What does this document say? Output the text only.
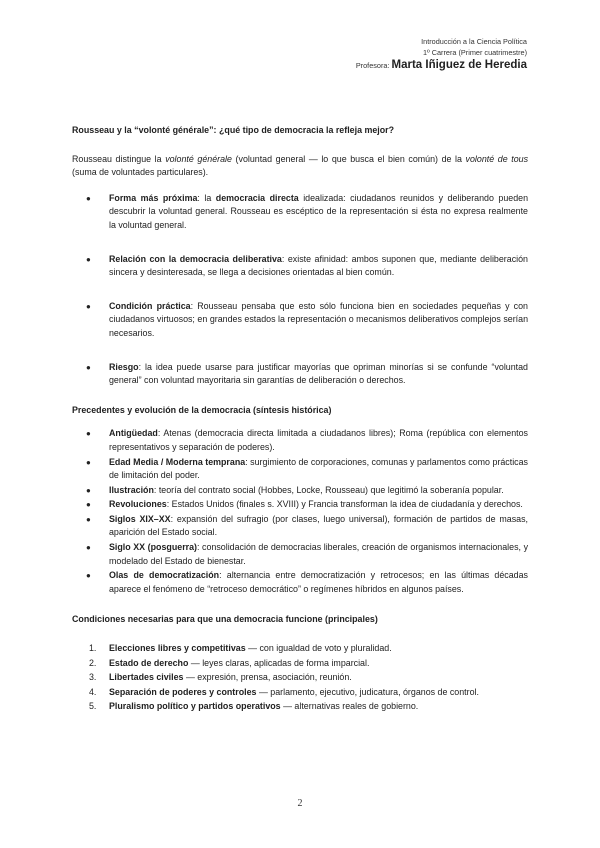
Introducción a la Ciencia Política
1º Carrera (Primer cuatrimestre)
Profesora: Marta Iñiguez de Heredia

Rousseau y la “volonté générale”: ¿qué tipo de democracia la refleja mejor?

Rousseau distingue la volonté générale (voluntad general — lo que busca el bien común) de la volonté de tous (suma de voluntades particulares).

● Forma más próxima: la democracia directa idealizada: ciudadanos reunidos y deliberando pueden descubrir la voluntad general. Rousseau es escéptico de la representación si ésta no expresa realmente la voluntad general.
● Relación con la democracia deliberativa: existe afinidad: ambos suponen que, mediante deliberación sincera y desinteresada, se llega a decisiones orientadas al bien común.
● Condición práctica: Rousseau pensaba que esto sólo funciona bien en sociedades pequeñas y con ciudadanos virtuosos; en grandes estados la representación o mecanismos deliberativos complejos serían necesarios.
● Riesgo: la idea puede usarse para justificar mayorías que opriman minorías si se confunde “voluntad general” con voluntad mayoritaria sin garantías de deliberación o derechos.

Precedentes y evolución de la democracia (síntesis histórica)

● Antigüedad: Atenas (democracia directa limitada a ciudadanos libres); Roma (república con elementos representativos y separación de poderes).
● Edad Media / Moderna temprana: surgimiento de corporaciones, comunas y parlamentos como prácticas de limitación del poder.
● Ilustración: teoría del contrato social (Hobbes, Locke, Rousseau) que legitimó la soberanía popular.
● Revoluciones: Estados Unidos (finales s. XVIII) y Francia transforman la idea de ciudadanía y derechos.
● Siglos XIX–XX: expansión del sufragio (por clases, luego universal), formación de partidos de masas, aparición del Estado social.
● Siglo XX (posguerra): consolidación de democracias liberales, creación de organismos internacionales, y modelado del Estado de bienestar.
● Olas de democratización: alternancia entre democratización y retrocesos; en las últimas décadas aparece el fenómeno de “retroceso democrático” o regímenes híbridos en algunos países.

Condiciones necesarias para que una democracia funcione (principales)

1. Elecciones libres y competitivas — con igualdad de voto y pluralidad.
2. Estado de derecho — leyes claras, aplicadas de forma imparcial.
3. Libertades civiles — expresión, prensa, asociación, reunión.
4. Separación de poderes y controles — parlamento, ejecutivo, judicatura, órganos de control.
5. Pluralismo político y partidos operativos — alternativas reales de gobierno.
2
